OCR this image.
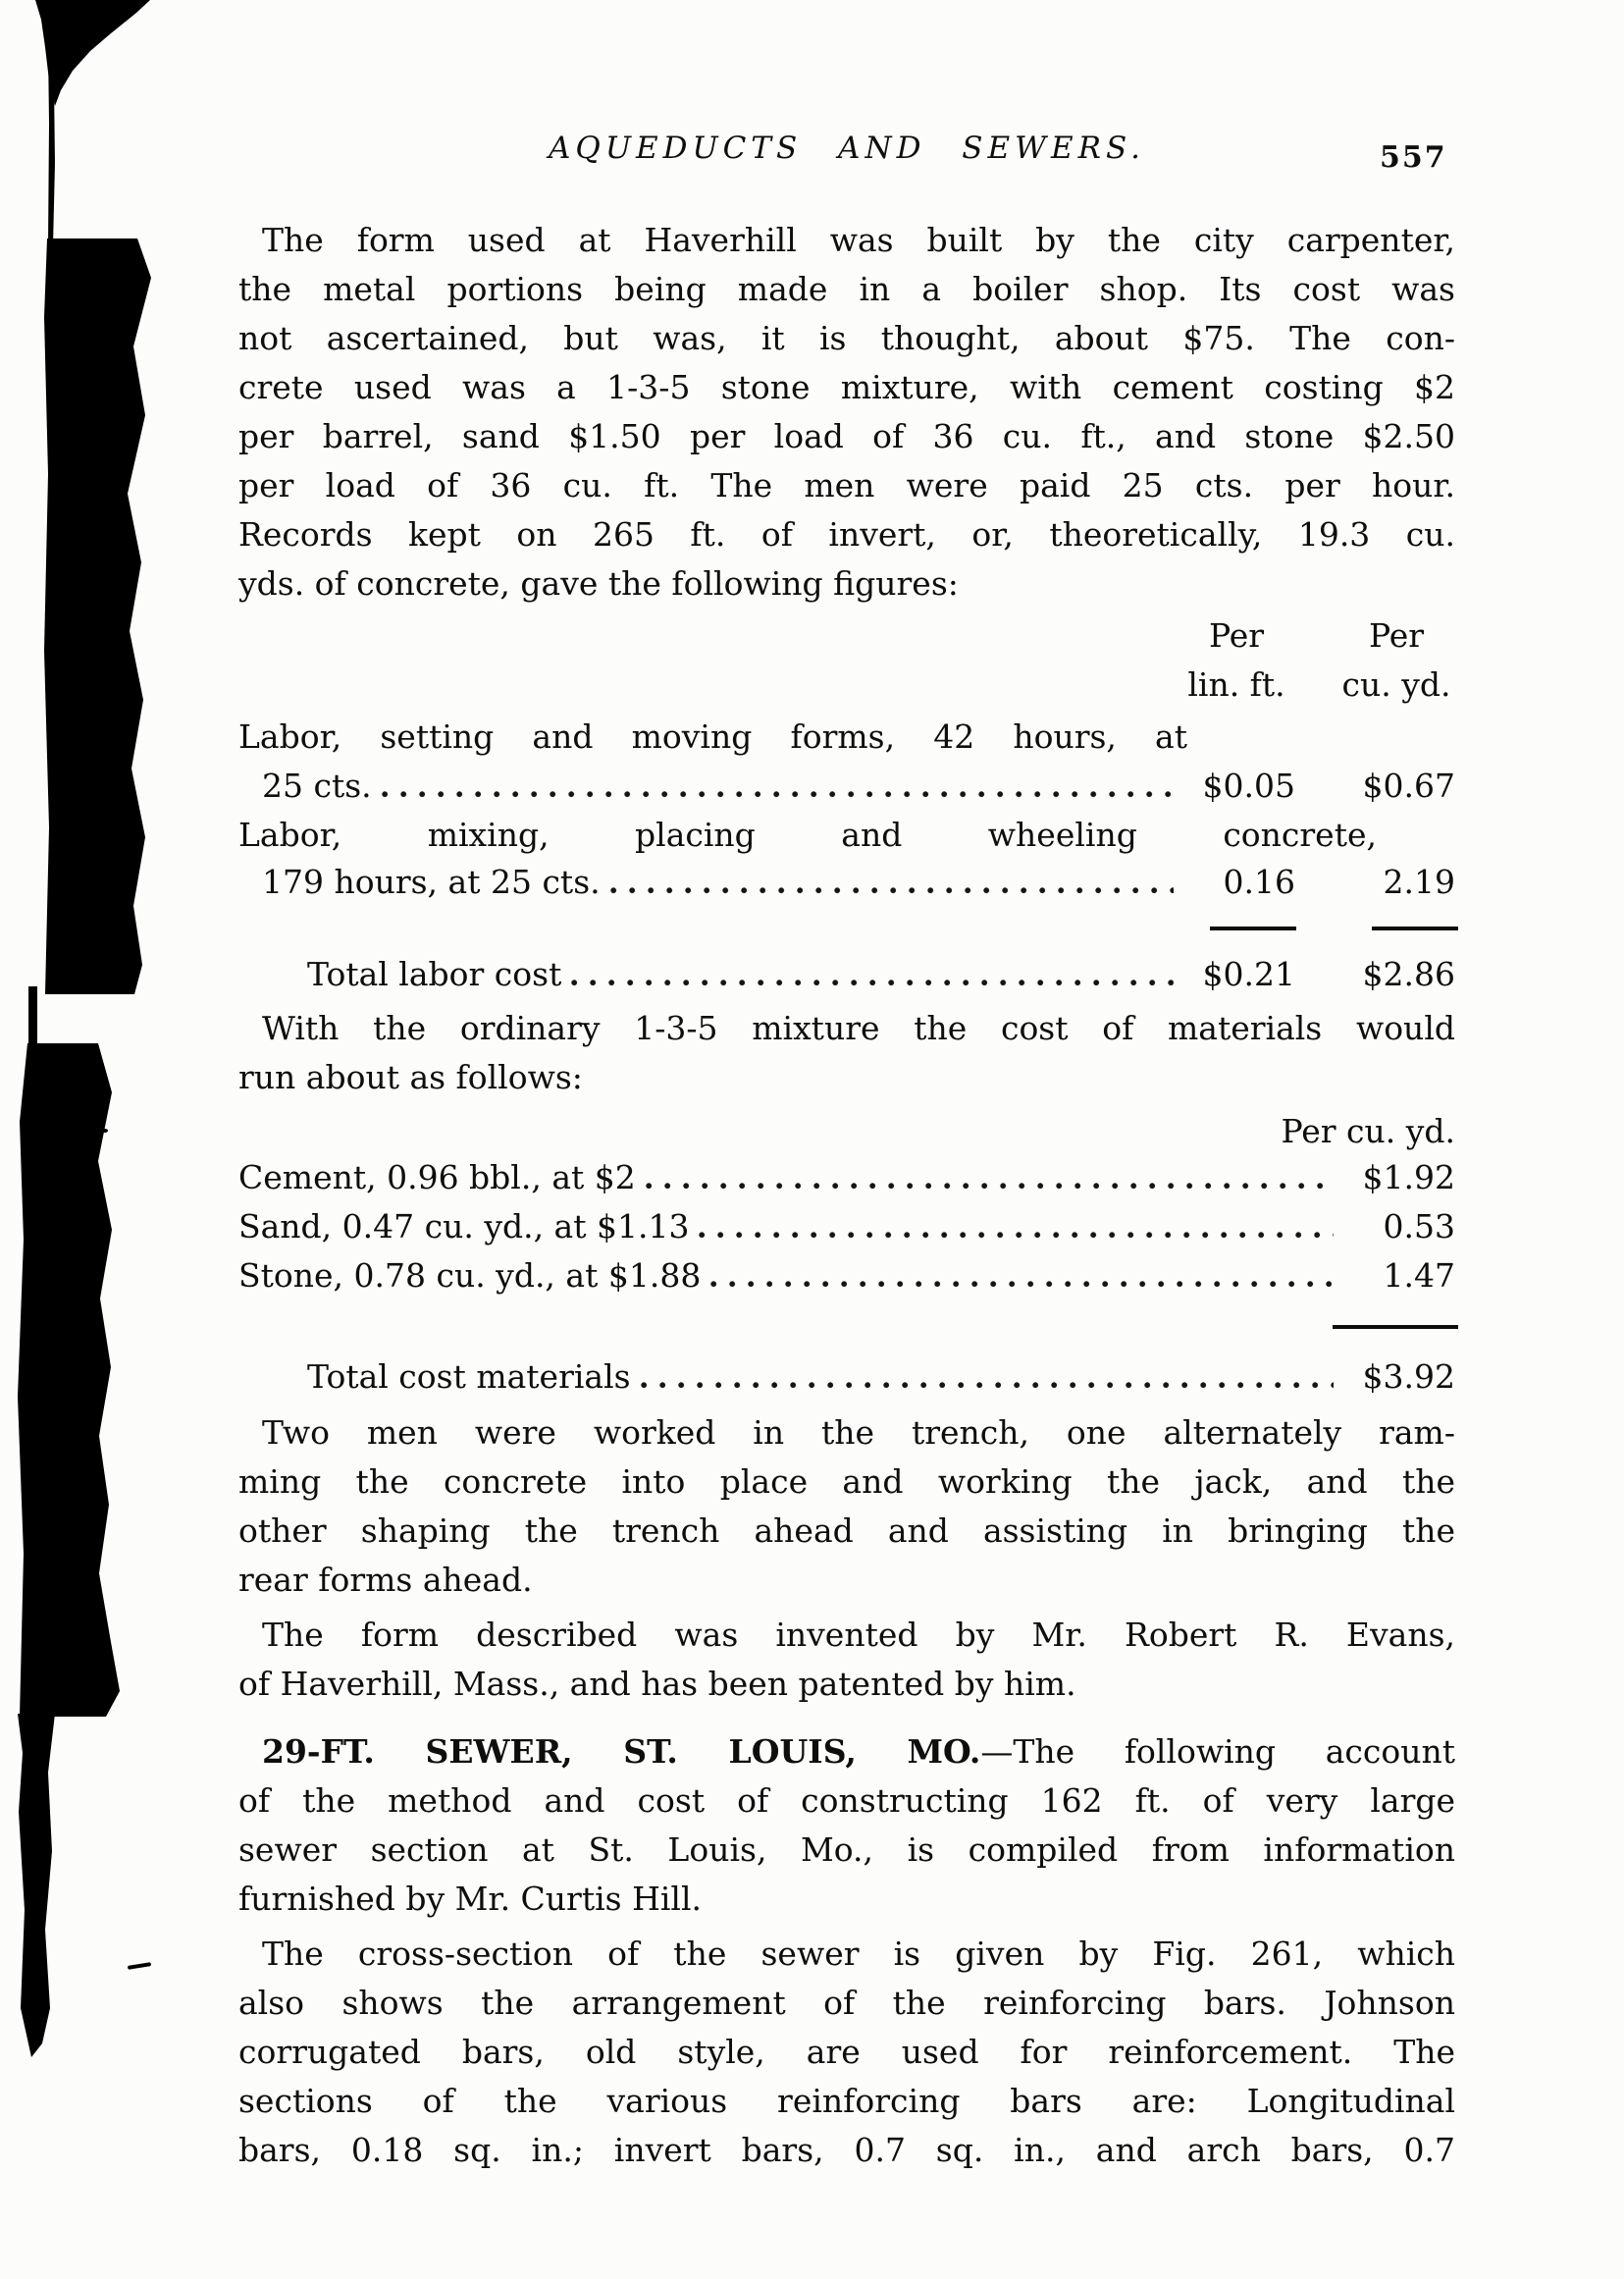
AQUEDUCTS AND SEWERS.	557
The form used at Haverhill was built by the city carpenter,
the metal portions being made in a boiler shop. Its cost was
not ascertained, but was, it is thought, about $75. The con-
crete used was a 1-3-5 stone mixture, with cement costing $2
per barrel, sand $1.50 per load of 36 cu. ft., and stone $2.50
per load of 36 cu. ft. The men were paid 25 cts. per hour.
Records kept on 265 ft. of invert, or, theoretically, 19.3 cu.
yds. of concrete, gave the following figures:
Per	Per
lin. ft.	cu. yd.
Labor, setting and moving forms, 42 hours, at
25 cts.	$0.05	$0.67
Labor, mixing, placing and wheeling concrete,
179 hours, at 25 cts.	0.16	2.19
Total labor cost	$0.21	$2.86
With the ordinary 1-3-5 mixture the cost of materials would
run about as follows:
Per cu. yd.
Cement, 0.96 bbl., at $2	$1.92
Sand, 0.47 cu. yd., at $1.13	0.53
Stone, 0.78 cu. yd., at $1.88	1.47
Total cost materials	$3.92
Two men were worked in the trench, one alternately ram-
ming the concrete into place and working the jack, and the
other shaping the trench ahead and assisting in bringing the
rear forms ahead.
The form described was invented by Mr. Robert R. Evans,
of Haverhill, Mass., and has been patented by him.
29-FT. SEWER, ST. LOUIS, MO.—The following account
of the method and cost of constructing 162 ft. of very large
sewer section at St. Louis, Mo., is compiled from information
furnished by Mr. Curtis Hill.
The cross-section of the sewer is given by Fig. 261, which
also shows the arrangement of the reinforcing bars. Johnson
corrugated bars, old style, are used for reinforcement. The
sections of the various reinforcing bars are: Longitudinal
bars, 0.18 sq. in.; invert bars, 0.7 sq. in., and arch bars, 0.7
